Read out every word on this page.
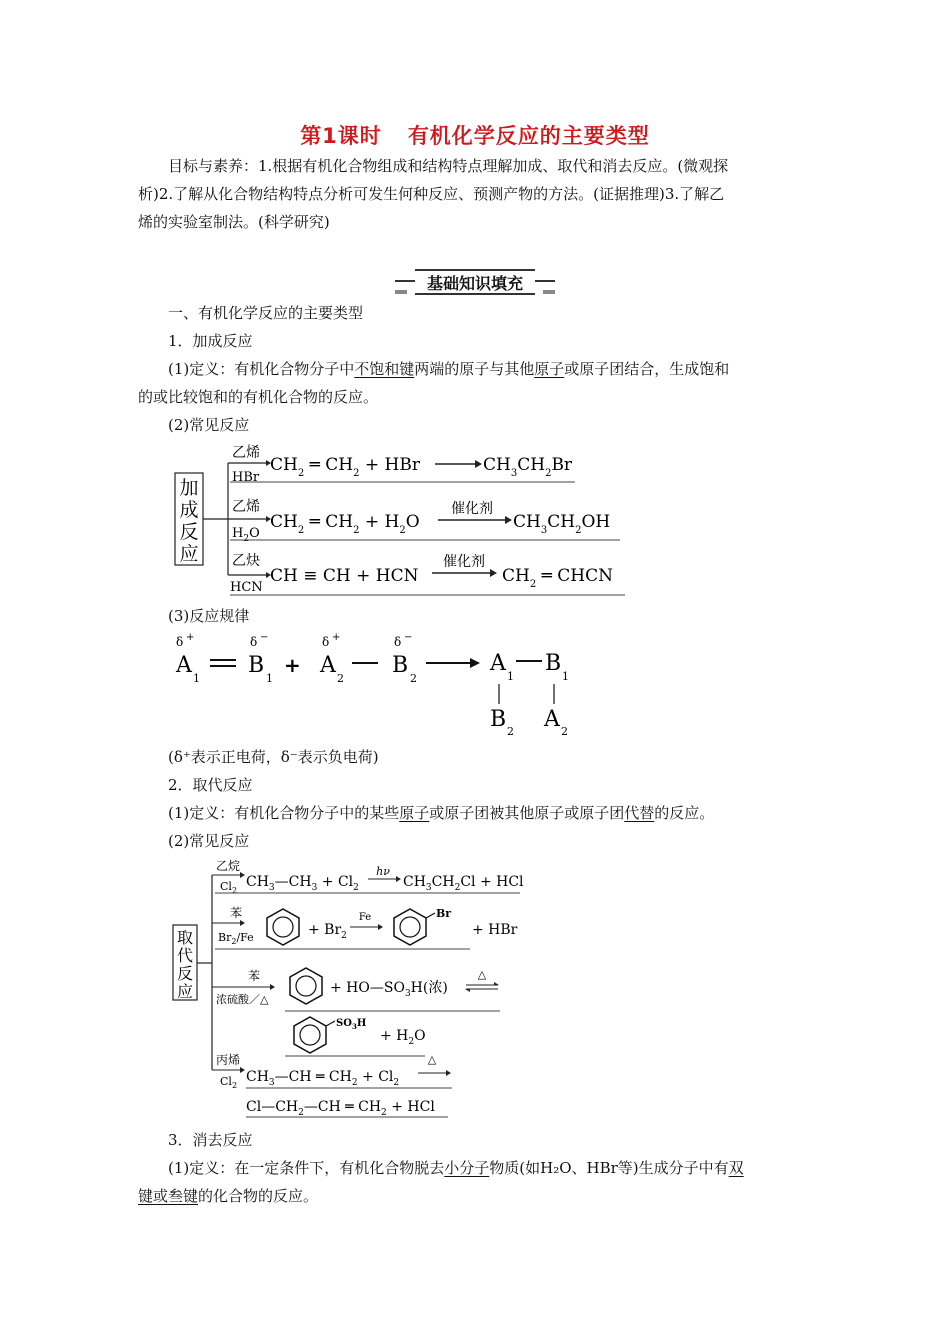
第1课时 有机化学反应的主要类型
目标与素养：1.根据有机化合物组成和结构特点理解加成、取代和消去反应。(微观探
析)2.了解从化合物结构特点分析可发生何种反应、预测产物的方法。(证据推理)3.了解乙
烯的实验室制法。(科学研究)
基础知识填充
一、有机化学反应的主要类型
1．加成反应
(1)定义：有机化合物分子中不饱和键两端的原子与其他原子或原子团结合，生成饱和
的或比较饱和的有机化合物的反应。
(2)常见反应
加
成
反
应
乙烯
HBr
$CH_2$ ═ $CH_2$ + HBr	$CH_3CH_2Br$
乙烯
$H_2O$
$CH_2$ ═ $CH_2 + H_2O$
催化剂
$CH_3CH_2OH$
乙炔
HCN
CH ≡ CH + HCN
催化剂
$CH_2$ ═ CHCN
(3)反应规律
δ +
A
1
δ −
B
1
+
δ +
A
2
δ −
B
2
A
1
B
1
B 2 A 2
(δ⁺表示正电荷，δ⁻表示负电荷)
2．取代反应
(1)定义：有机化合物分子中的某些原子或原子团被其他原子或原子团代替的反应。
(2)常见反应
取
代
反
应
乙烷
$Cl_2$
$CH_3—CH_3 + Cl_2$
hν
$CH_3CH_2Cl$ + HCl
苯
$Br_2/Fe$	+ $Br_2$
Fe	Br
+ HBr
苯
浓硫酸／△
+ $HO—SO_3H$(浓)
△
$SO_3H$
+ $H_2O$
丙烯
$Cl_2$
$CH_3—CH$ ═ $CH_2 + Cl_2$
△
$Cl—CH_2—CH$ ═ $CH_2$ + HCl
3．消去反应
(1)定义：在一定条件下，有机化合物脱去小分子物质(如H₂O、HBr等)生成分子中有双
键或叁键的化合物的反应。
